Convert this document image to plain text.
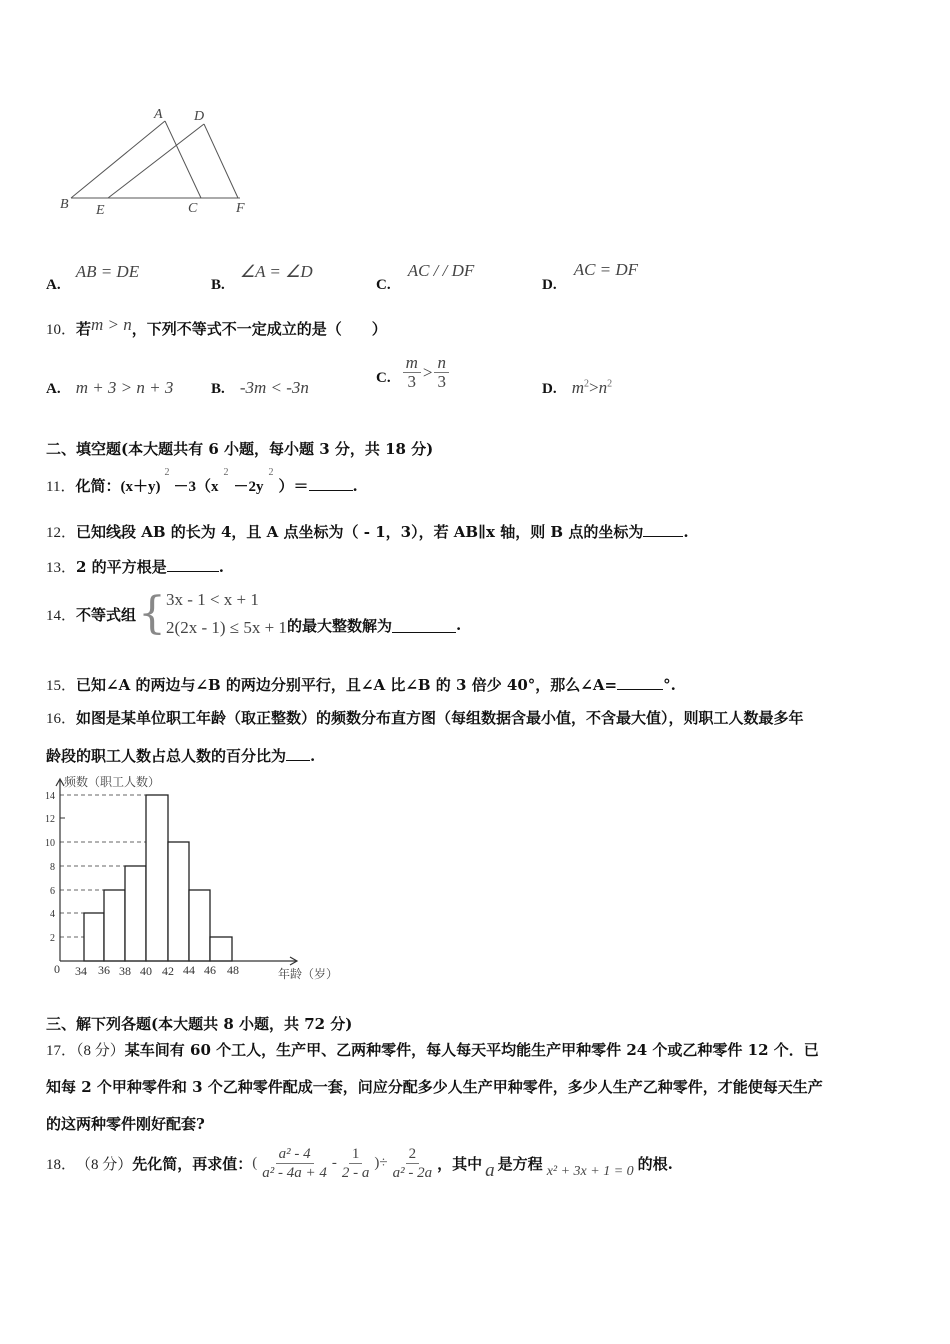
A D
B E	C	F
A. AB = DE
B. ∠A = ∠D
C. AC / / DF
D. AC = DF
10．若m > n，下列不等式不一定成立的是（　　）
A. m + 3 > n + 3	B. -3m < -3n	C. $\frac{m}{3} > \frac{n}{3}$	D. $m^2>n^2$
二、填空题(本大题共有 6 小题，每小题 3 分，共 18 分)
11．化简：$(x+y)^2-3(x^2-2y^2)=$	.
12．已知线段 AB 的长为 4，且 A 点坐标为（ - 1，3），若 AB∥x 轴，则 B 点的坐标为	.
13．2 的平方根是	.
14． 不等式组 { 3x - 1 < x + 1
2(2x - 1) ≤ 5x + 1 的最大整数解为	.
15．已知∠A 的两边与∠B 的两边分别平行，且∠A 比∠B 的 3 倍少 40°，那么∠A=	°.
16．如图是某单位职工年龄（取正整数）的频数分布直方图（每组数据含最小值，不含最大值），则职工人数最多年
龄段的职工人数占总人数的百分比为 .
14
12
10
8
6
4
2
0 34 36 38 40 42 44 46 48
频数（职工人数）
年龄（岁）
三、解下列各题(本大题共 8 小题，共 72 分)
17．（8 分）某车间有 60 个工人，生产甲、乙两种零件，每人每天平均能生产甲种零件 24 个或乙种零件 12 个．已
知每 2 个甲种零件和 3 个乙种零件配成一套，问应分配多少人生产甲种零件，多少人生产乙种零件，才能使每天生产
的这两种零件刚好配套?
18． （8 分） 先化简，再求值： ( $\frac{\text{a² - 4}}{\text{a² - 4a + 4}} - \frac{1}{2 - a}$ ) ÷ $\frac{2}{\text{a² - 2a}}$ ，其中 a 是方程 x² + 3x + 1 = 0 的根.
